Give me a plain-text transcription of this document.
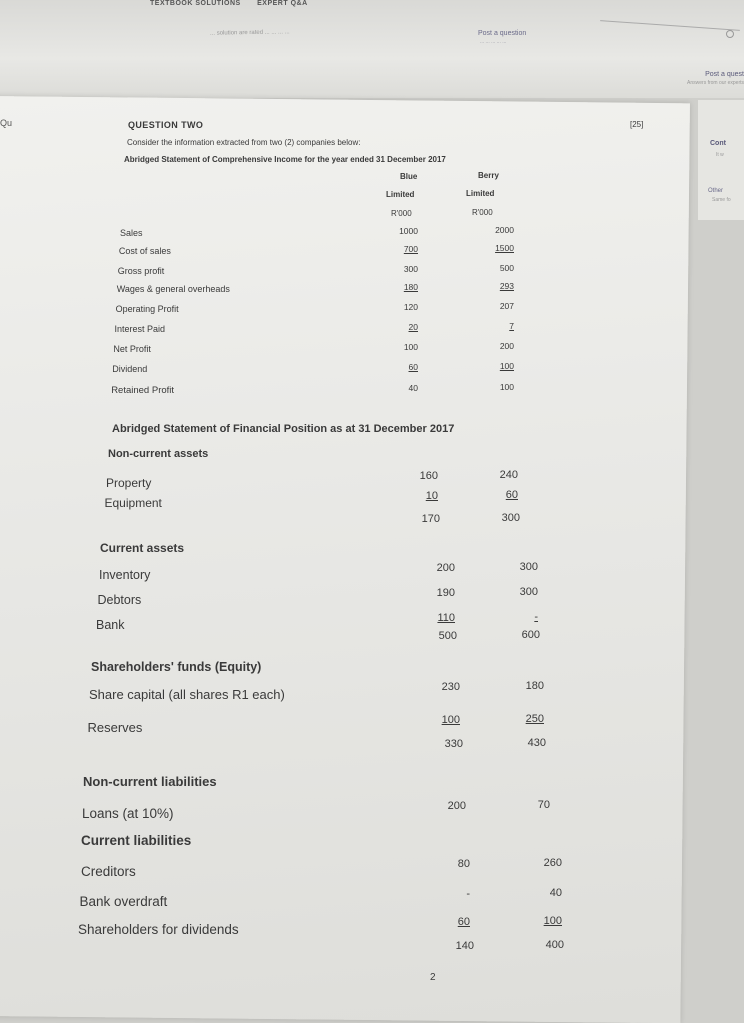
TEXTBOOK SOLUTIONS EXPERT Q&A
... solution are rated ... ... ... ...	Post a question
... ... ... ... ...
Post a quest
Answers from our experts
Cont
It w
Other
Same fo
Qu	QUESTION TWO	[25]
Consider the information extracted from two (2) companies below:
Abridged Statement of Comprehensive Income for the year ended 31 December 2017
Blue	Berry
Limited	Limited
R'000	R'000
Sales	1000	2000
Cost of sales	700	1500
Gross profit	300	500
Wages & general overheads	180	293
Operating Profit	120	207
Interest Paid	20	7
Net Profit	100	200
Dividend	60	100
Retained Profit	40	100
Abridged Statement of Financial Position as at 31 December 2017
Non-current assets
Property	160	240
Equipment	10	60
170	300
Current assets
Inventory	200	300
Debtors	190	300
Bank	110	-
500	600
Shareholders' funds (Equity)
Share capital (all shares R1 each)	230	180
Reserves	100	250
330	430
Non-current liabilities
Loans (at 10%)	200	70
Current liabilities
Creditors	80	260
Bank overdraft	-	40
Shareholders for dividends	60	100
140	400
2
